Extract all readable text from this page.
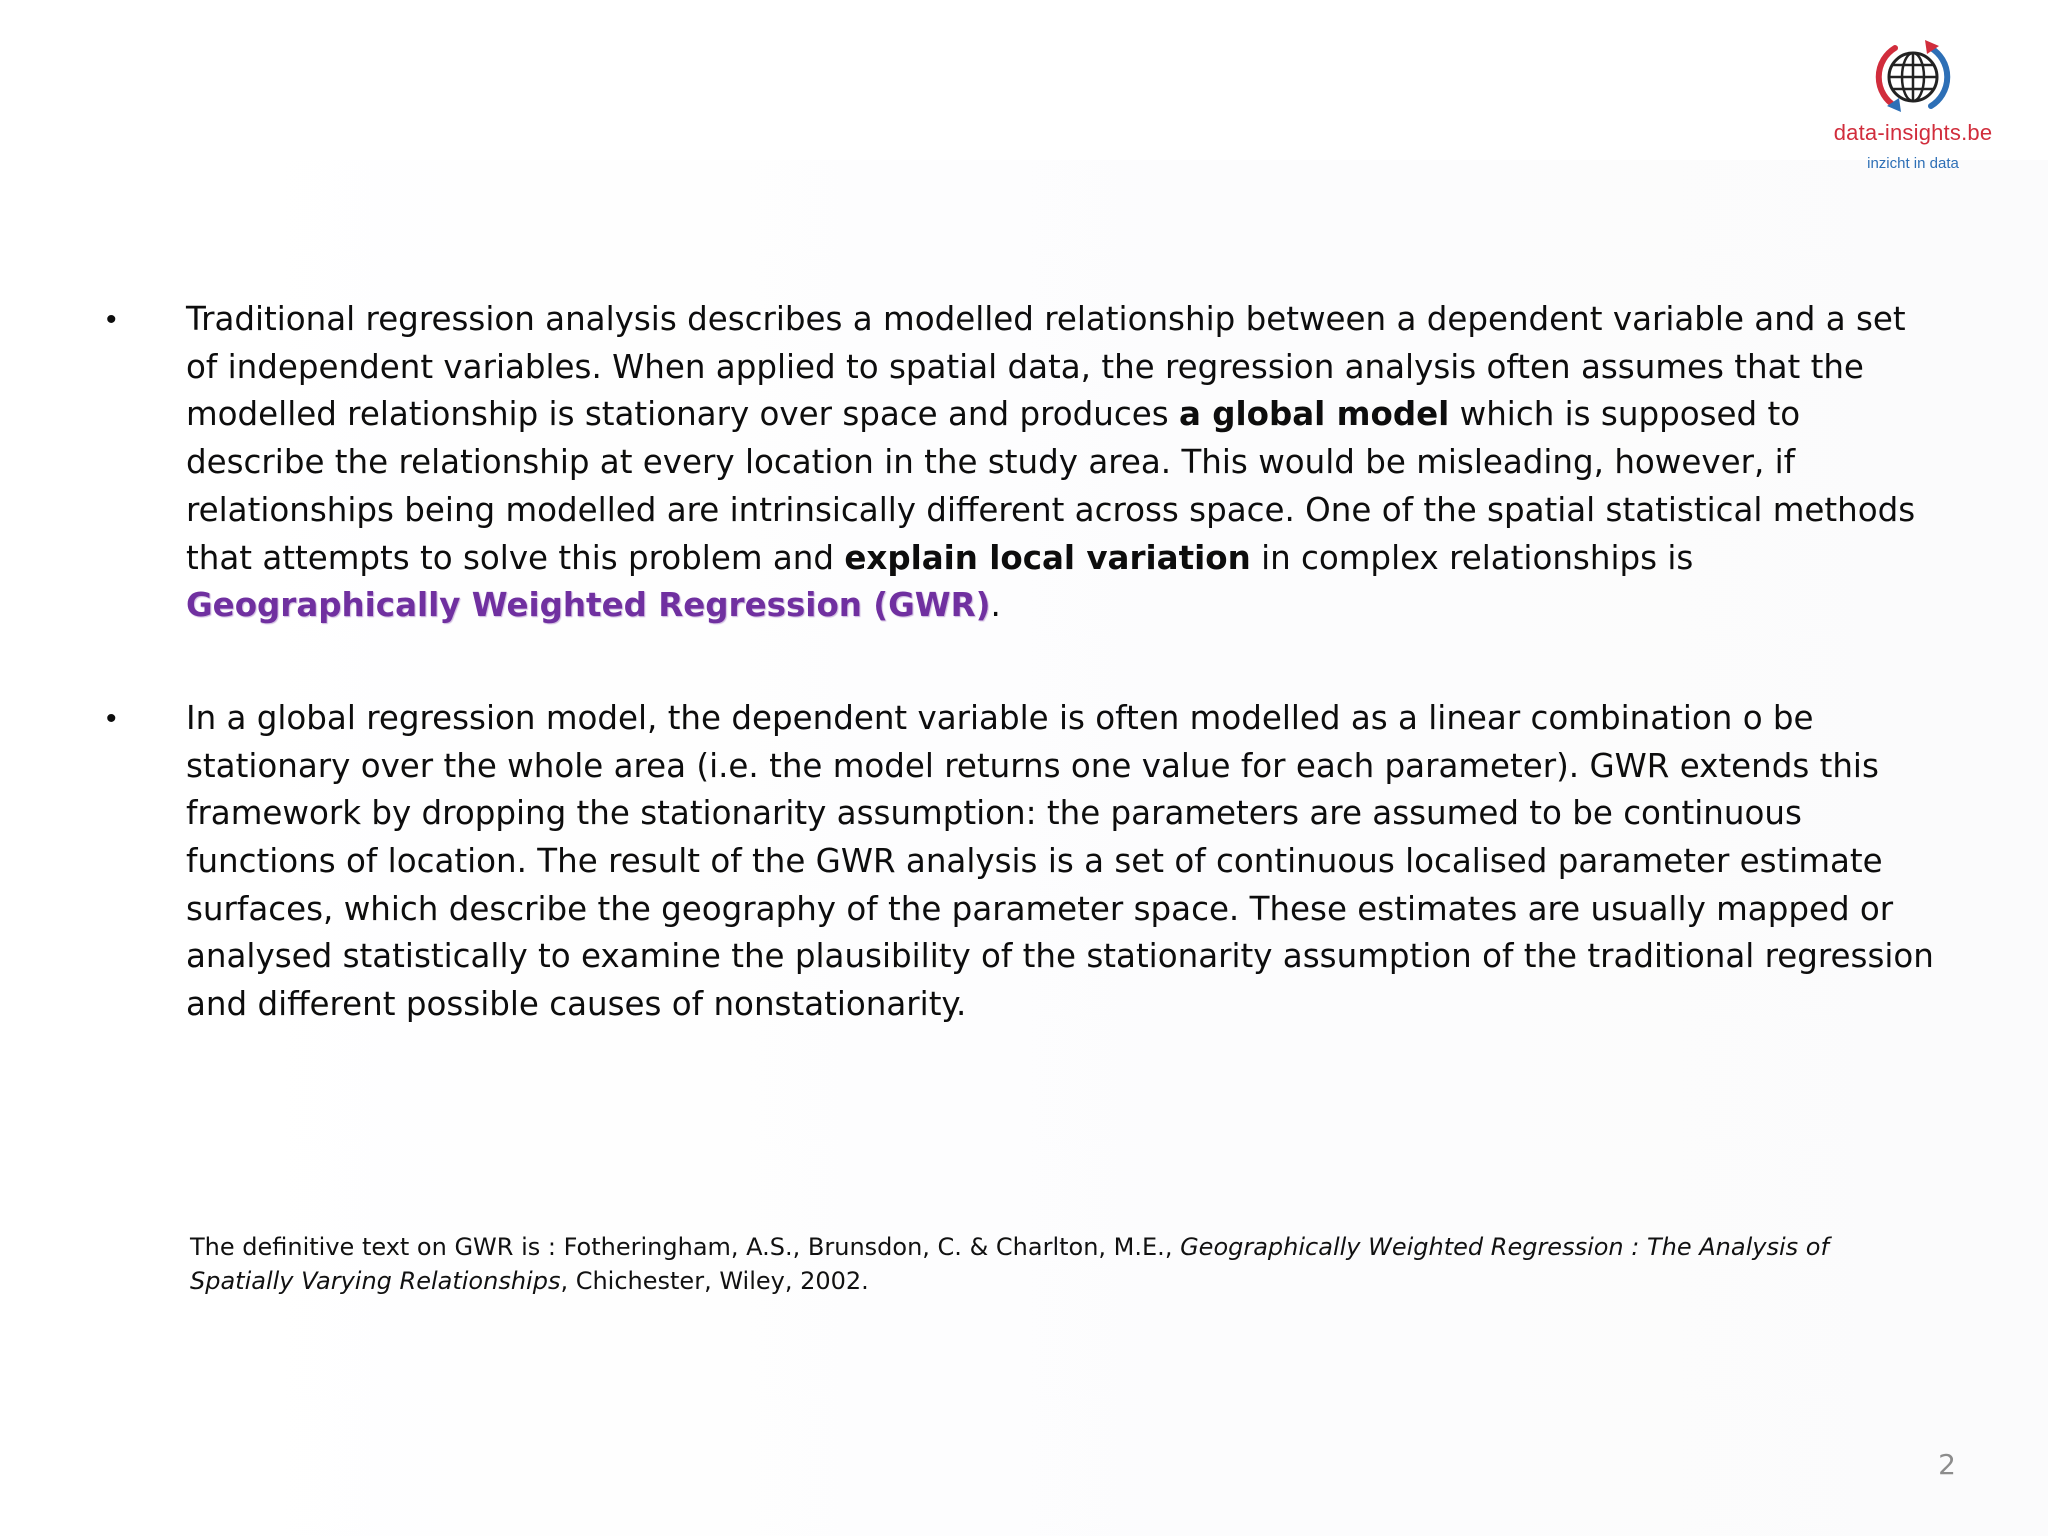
data-insights.be
inzicht in data
• Traditional regression analysis describes a modelled relationship between a dependent variable and a set of independent variables. When applied to spatial data, the regression analysis often assumes that the modelled relationship is stationary over space and produces a global model which is supposed to describe the relationship at every location in the study area. This would be misleading, however, if relationships being modelled are intrinsically different across space. One of the spatial statistical methods that attempts to solve this problem and explain local variation in complex relationships is Geographically Weighted Regression (GWR).
• In a global regression model, the dependent variable is often modelled as a linear combination o be stationary over the whole area (i.e. the model returns one value for each parameter). GWR extends this framework by dropping the stationarity assumption: the parameters are assumed to be continuous functions of location. The result of the GWR analysis is a set of continuous localised parameter estimate surfaces, which describe the geography of the parameter space. These estimates are usually mapped or analysed statistically to examine the plausibility of the stationarity assumption of the traditional regression and different possible causes of nonstationarity.
The definitive text on GWR is : Fotheringham, A.S., Brunsdon, C. & Charlton, M.E., Geographically Weighted Regression : The Analysis of Spatially Varying Relationships, Chichester, Wiley, 2002.
2
